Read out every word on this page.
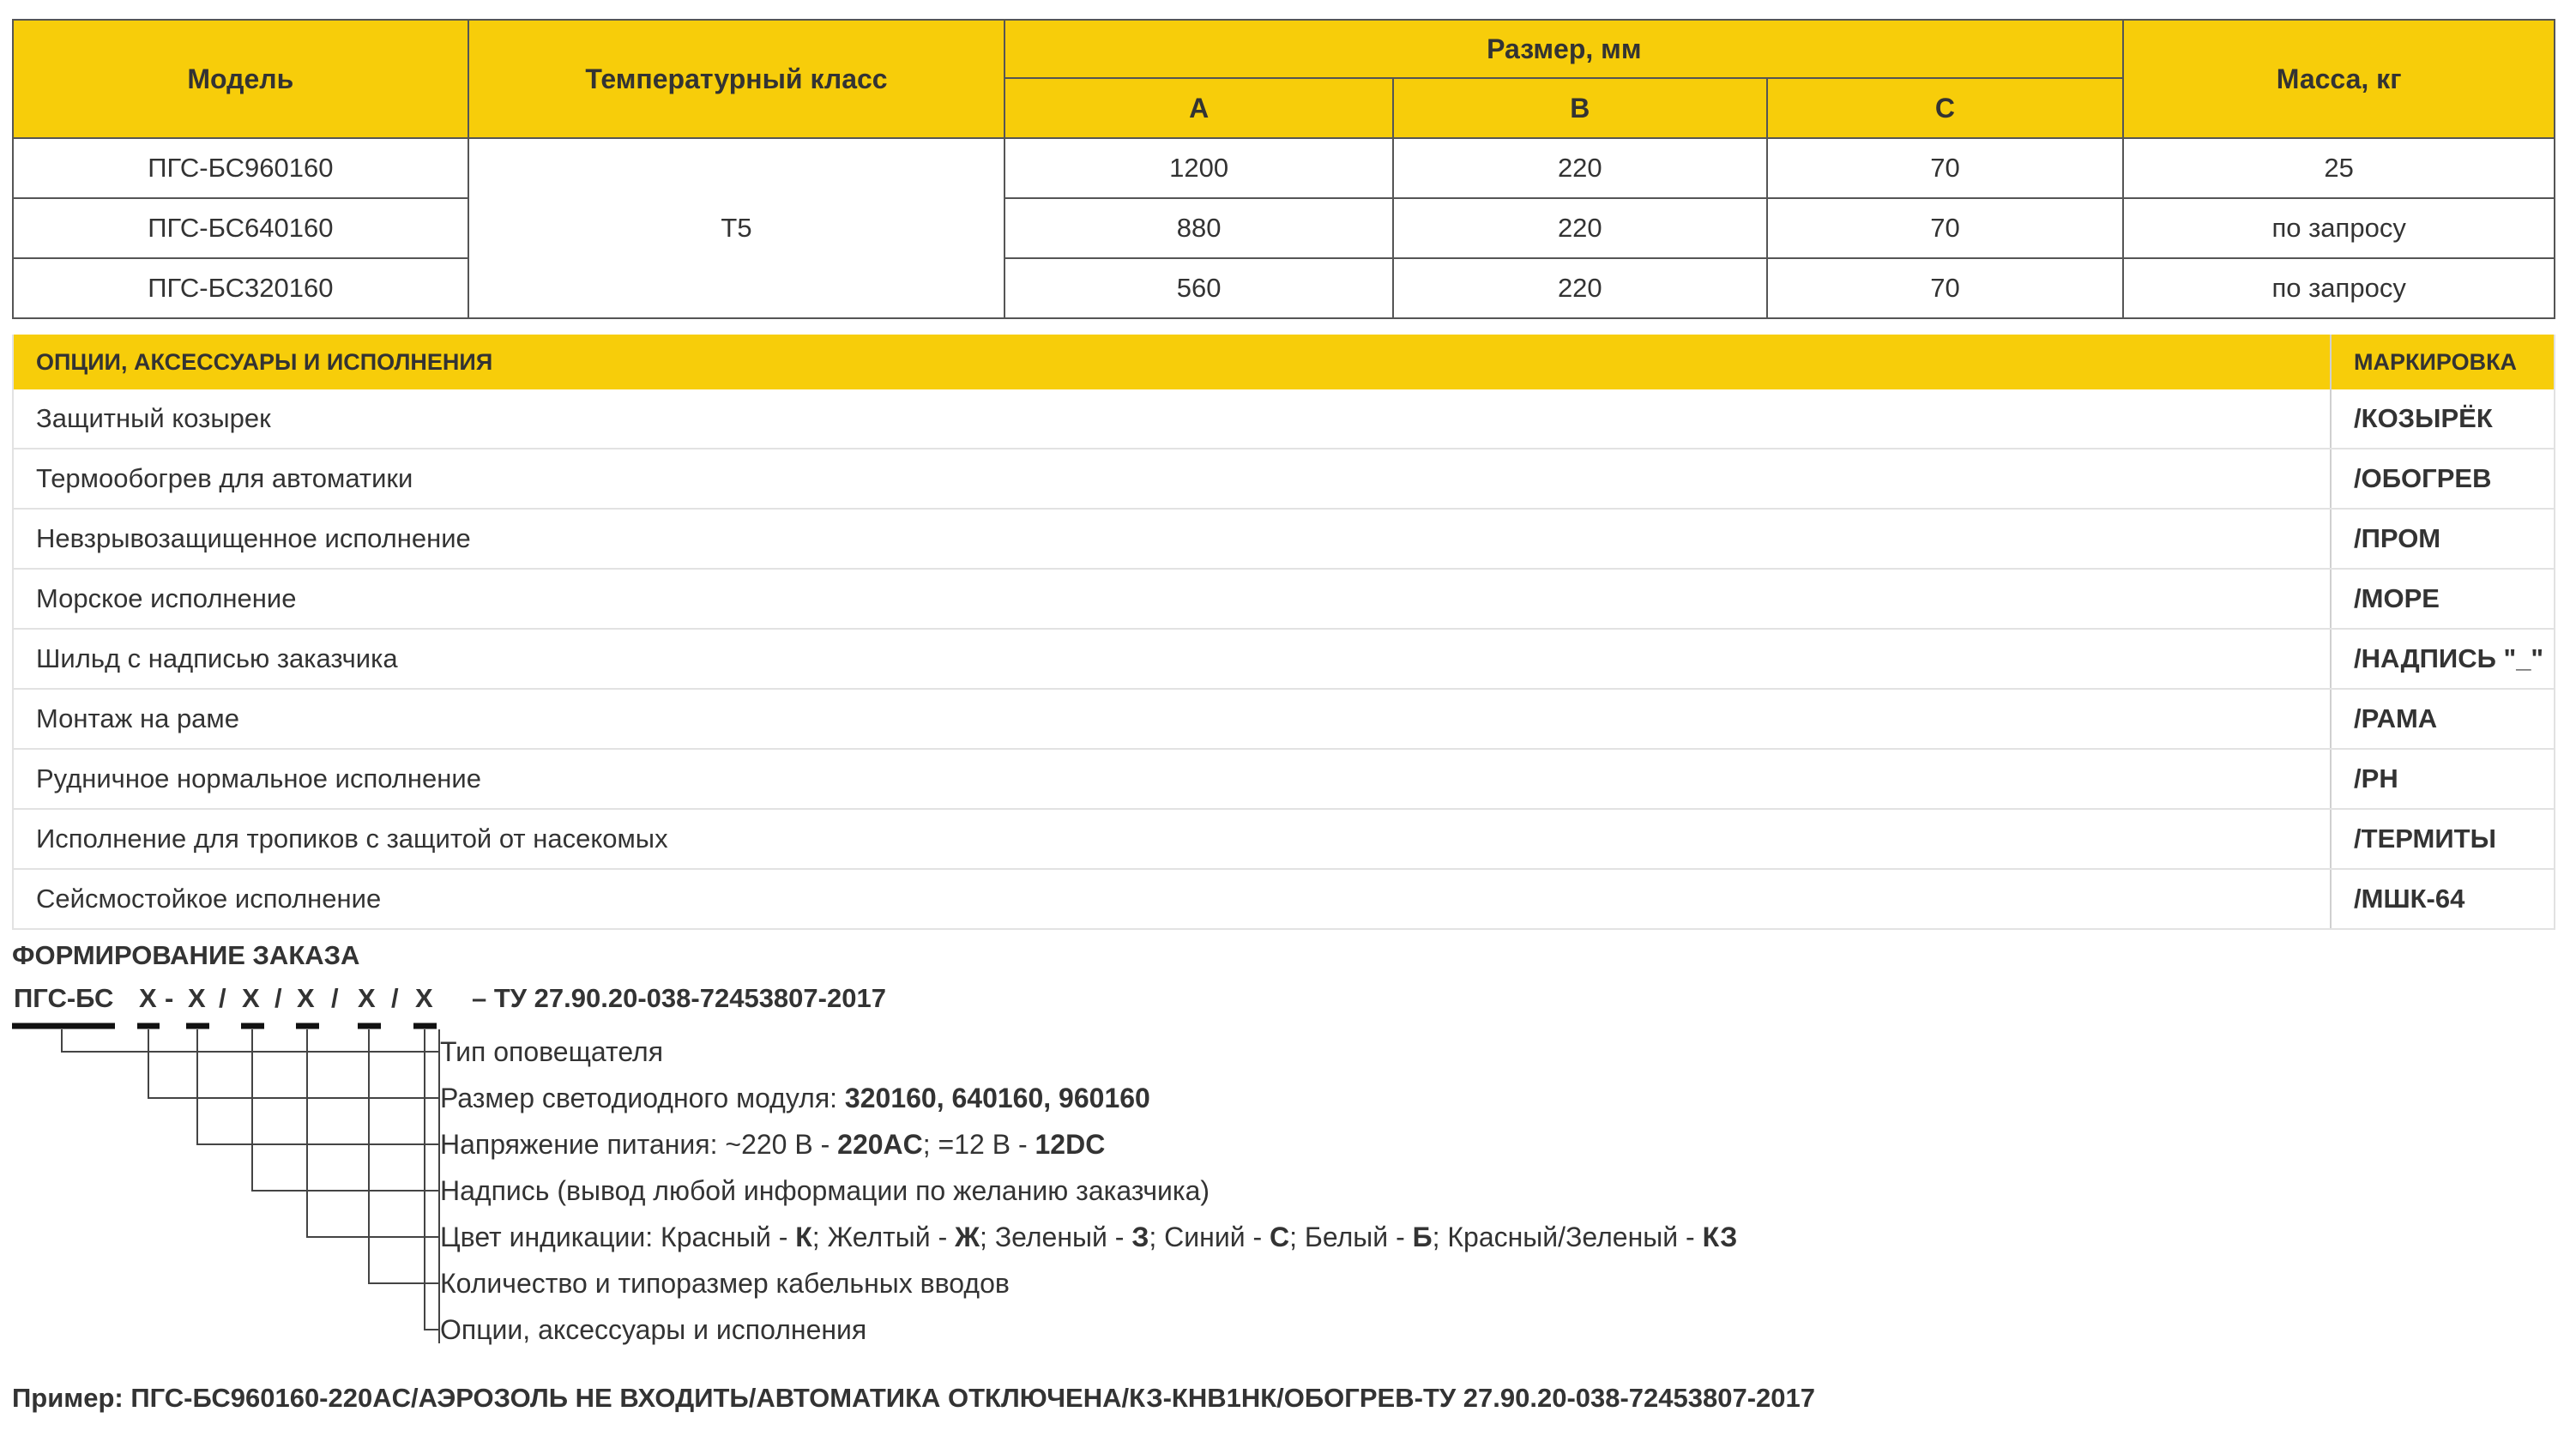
Модель	Температурный класс	Размер, мм			Масса, кг
		A	B	C	
ПГС-БС960160	Т5	1200	220	70	25
ПГС-БС640160		880	220	70	по запросу
ПГС-БС320160		560	220	70	по запросу
ОПЦИИ, АКСЕССУАРЫ И ИСПОЛНЕНИЯ	МАРКИРОВКА
Защитный козырек	/КОЗЫРЁК
Термообогрев для автоматики	/ОБОГРЕВ
Невзрывозащищенное исполнение	/ПРОМ
Морское исполнение	/МОРЕ
Шильд с надписью заказчика	/НАДПИСЬ "_"
Монтаж на раме	/РАМА
Рудничное нормальное исполнение	/РН
Исполнение для тропиков с защитой от насекомых	/ТЕРМИТЫ
Сейсмостойкое исполнение	/МШК-64
ФОРМИРОВАНИЕ ЗАКАЗА
ПГС-БС Х - Х / Х / Х / Х / Х – ТУ 27.90.20-038-72453807-2017
Тип оповещателя
Размер светодиодного модуля: 320160, 640160, 960160
Напряжение питания: ~220 В - 220AC; =12 В - 12DC
Надпись (вывод любой информации по желанию заказчика)
Цвет индикации: Красный - К; Желтый - Ж; Зеленый - З; Синий - С; Белый - Б; Красный/Зеленый - КЗ
Количество и типоразмер кабельных вводов
Опции, аксессуары и исполнения
Пример: ПГС-БС960160-220AC/АЭРОЗОЛЬ НЕ ВХОДИТЬ/АВТОМАТИКА ОТКЛЮЧЕНА/КЗ-КНВ1НК/ОБОГРЕВ-ТУ 27.90.20-038-72453807-2017
